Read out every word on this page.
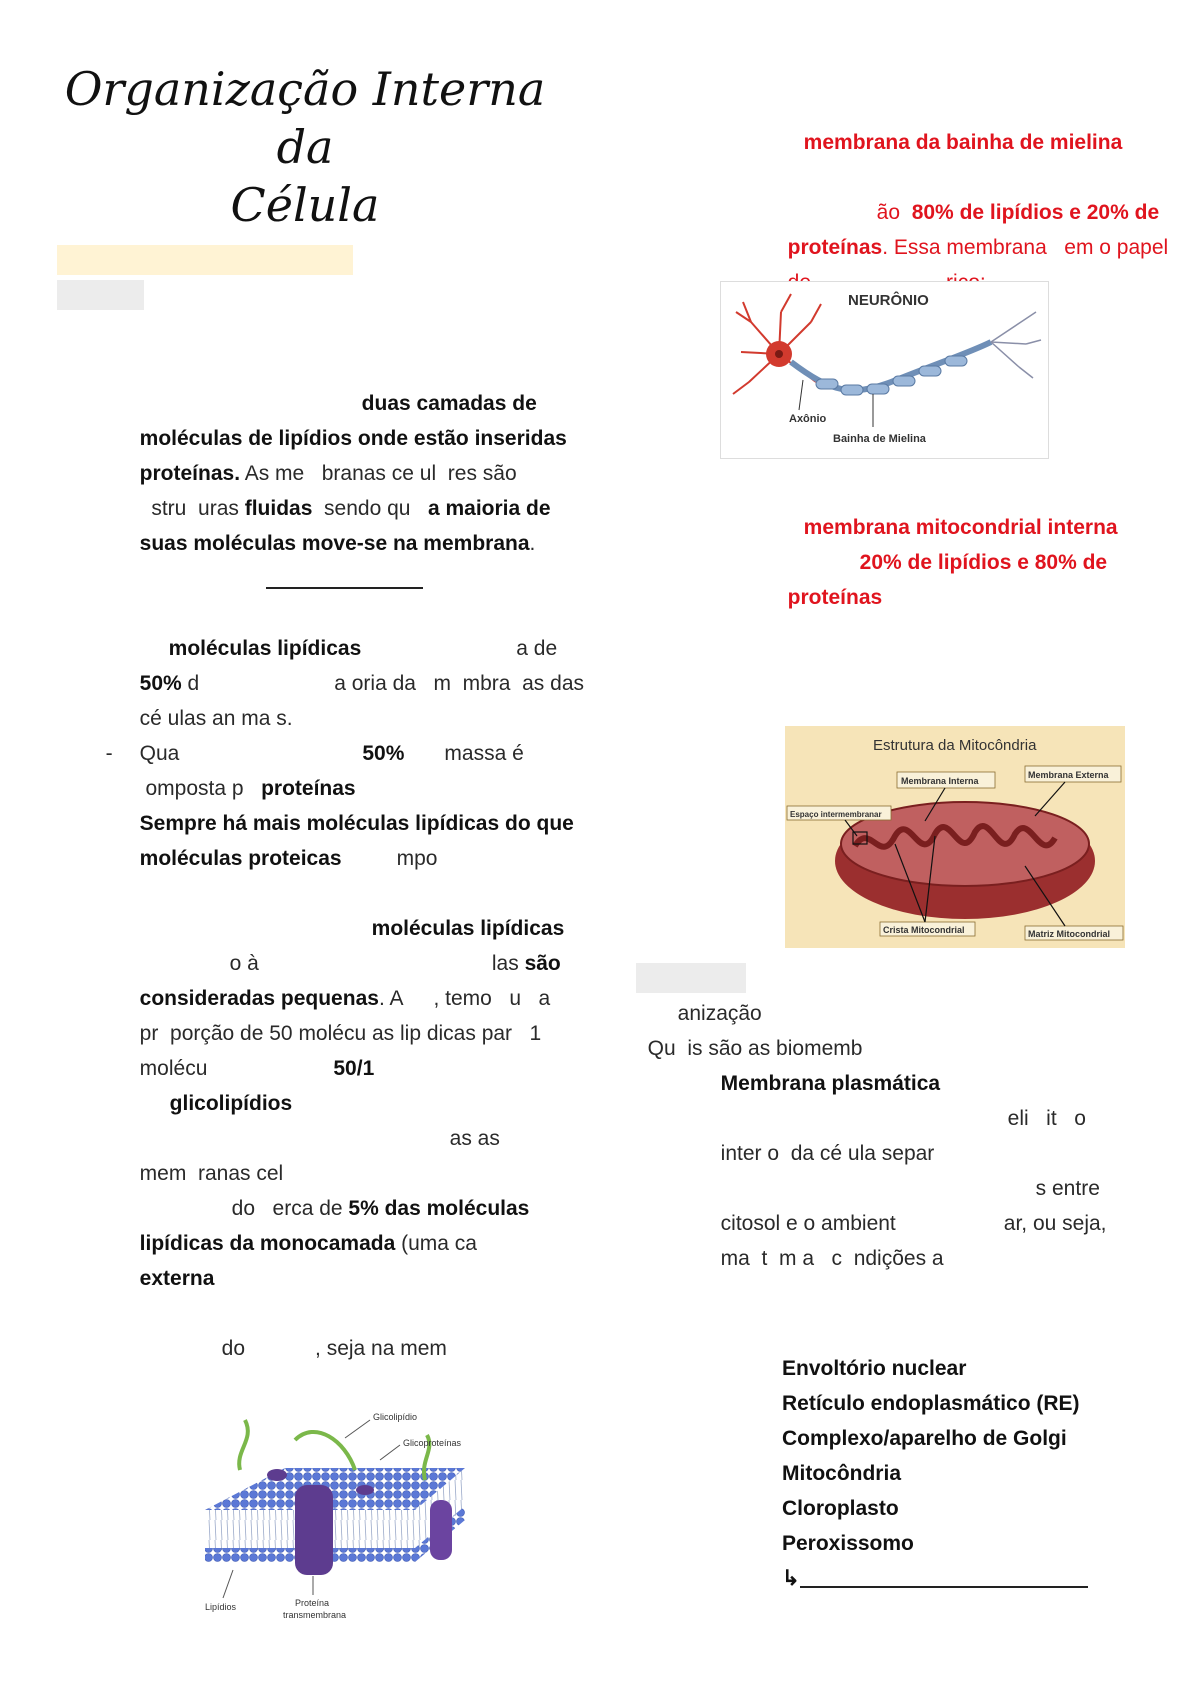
Organização Interna da
Célula

duas camadas de

moléculas de lipídios onde estão inseridas

proteínas. As me   branas ce ul  res são

stru  uras fluidas  sendo qu   a maioria de

suas moléculas move-se na membrana.

moléculas lipídicas	a de

50% d	a oria da   m  mbra  as das

cé ulas an ma s.

-	Qua	50% massa é

omposta p   proteínas

Sempre há mais moléculas lipídicas do que

moléculas proteicas	mpo

moléculas lipídicas

o à	las são

consideradas pequenas. A , temo   u   a

pr  porção de 50 molécu as lip dicas par   1

molécu	50/1

glicolipídios

as as

mem  ranas cel

do   erca de 5% das moléculas

lipídicas da monocamada (uma ca

externa

do	, seja na mem

Glicolipídio
Glicoproteínas
Lipídios	Proteína
transmembrana

membrana da bainha de mielina

ão  80% de lipídios e 20% de

proteínas. Essa membrana   em o papel

NEURÔNIO
Axônio
Bainha de Mielina

membrana mitocondrial interna

20% de lipídios e 80% de

proteínas

Estrutura da Mitocôndria
Membrana Interna
Membrana Externa
Espaço intermembranar
Crista Mitocondrial	Matriz Mitocondrial

anização

Qu  is são as biomemb

Membrana plasmática

eli   it   o

inter o  da cé ula separ

s entre

citosol e o ambient	ar, ou seja,

ma  t  m a   c  ndições a

Envoltório nuclear
Retículo endoplasmático (RE)
Complexo/aparelho de Golgi
Mitocôndria
Cloroplasto
Peroxissomo
↳
